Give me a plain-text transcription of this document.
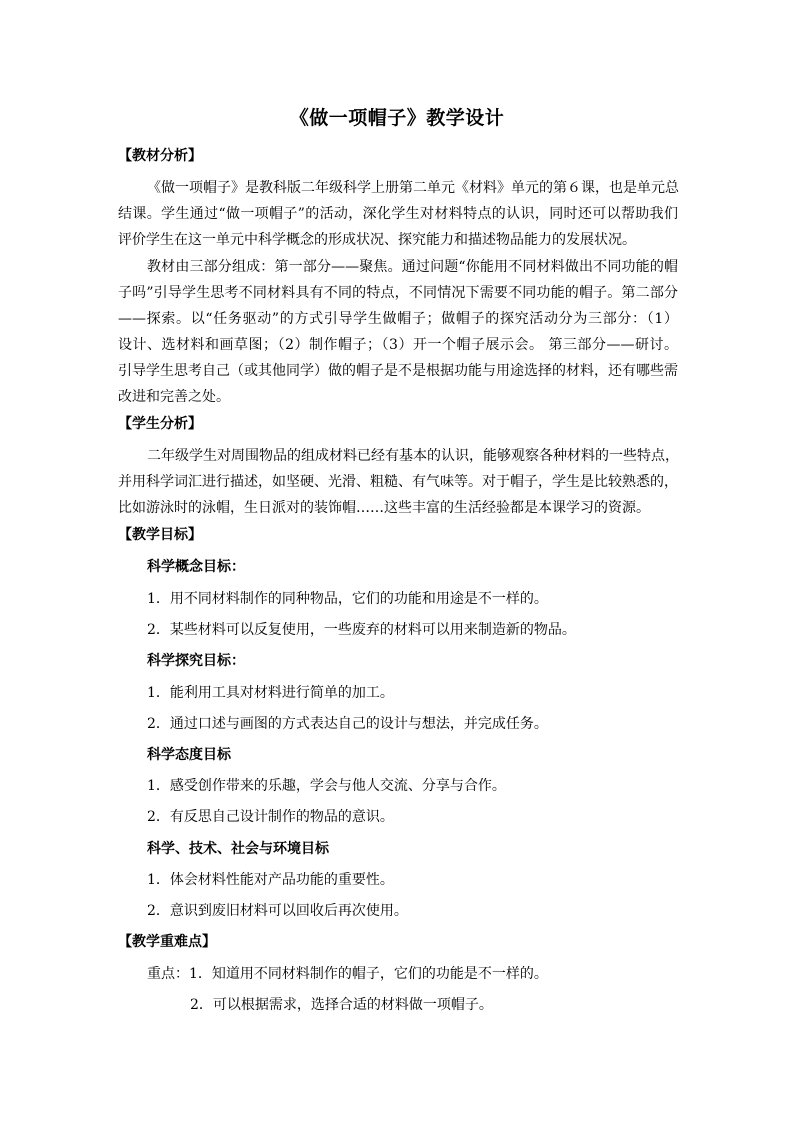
《做一项帽子》教学设计
【教材分析】
《做一项帽子》是教科版二年级科学上册第二单元《材料》单元的第６课，也是单元总
结课。学生通过“做一项帽子”的活动，深化学生对材料特点的认识，同时还可以帮助我们
评价学生在这一单元中科学概念的形成状况、探究能力和描述物品能力的发展状况。
教材由三部分组成：第一部分——聚焦。通过问题“你能用不同材料做出不同功能的帽
子吗”引导学生思考不同材料具有不同的特点，不同情况下需要不同功能的帽子。第二部分
——探索。以“任务驱动”的方式引导学生做帽子；做帽子的探究活动分为三部分：（1）
设计、选材料和画草图；（2）制作帽子；（3）开一个帽子展示会。 第三部分——研讨。
引导学生思考自己（或其他同学）做的帽子是不是根据功能与用途选择的材料，还有哪些需
改进和完善之处。
【学生分析】
二年级学生对周围物品的组成材料已经有基本的认识，能够观察各种材料的一些特点，
并用科学词汇进行描述，如坚硬、光滑、粗糙、有气味等。对于帽子，学生是比较熟悉的，
比如游泳时的泳帽，生日派对的装饰帽……这些丰富的生活经验都是本课学习的资源。
【教学目标】
科学概念目标：
1．用不同材料制作的同种物品，它们的功能和用途是不一样的。
2．某些材料可以反复使用，一些废弃的材料可以用来制造新的物品。
科学探究目标：
1．能利用工具对材料进行简单的加工。
2．通过口述与画图的方式表达自己的设计与想法，并完成任务。
科学态度目标
1．感受创作带来的乐趣，学会与他人交流、分享与合作。
2．有反思自己设计制作的物品的意识。
科学、技术、社会与环境目标
1．体会材料性能对产品功能的重要性。
2．意识到废旧材料可以回收后再次使用。
【教学重难点】
重点：1．知道用不同材料制作的帽子，它们的功能是不一样的。
2．可以根据需求，选择合适的材料做一项帽子。
